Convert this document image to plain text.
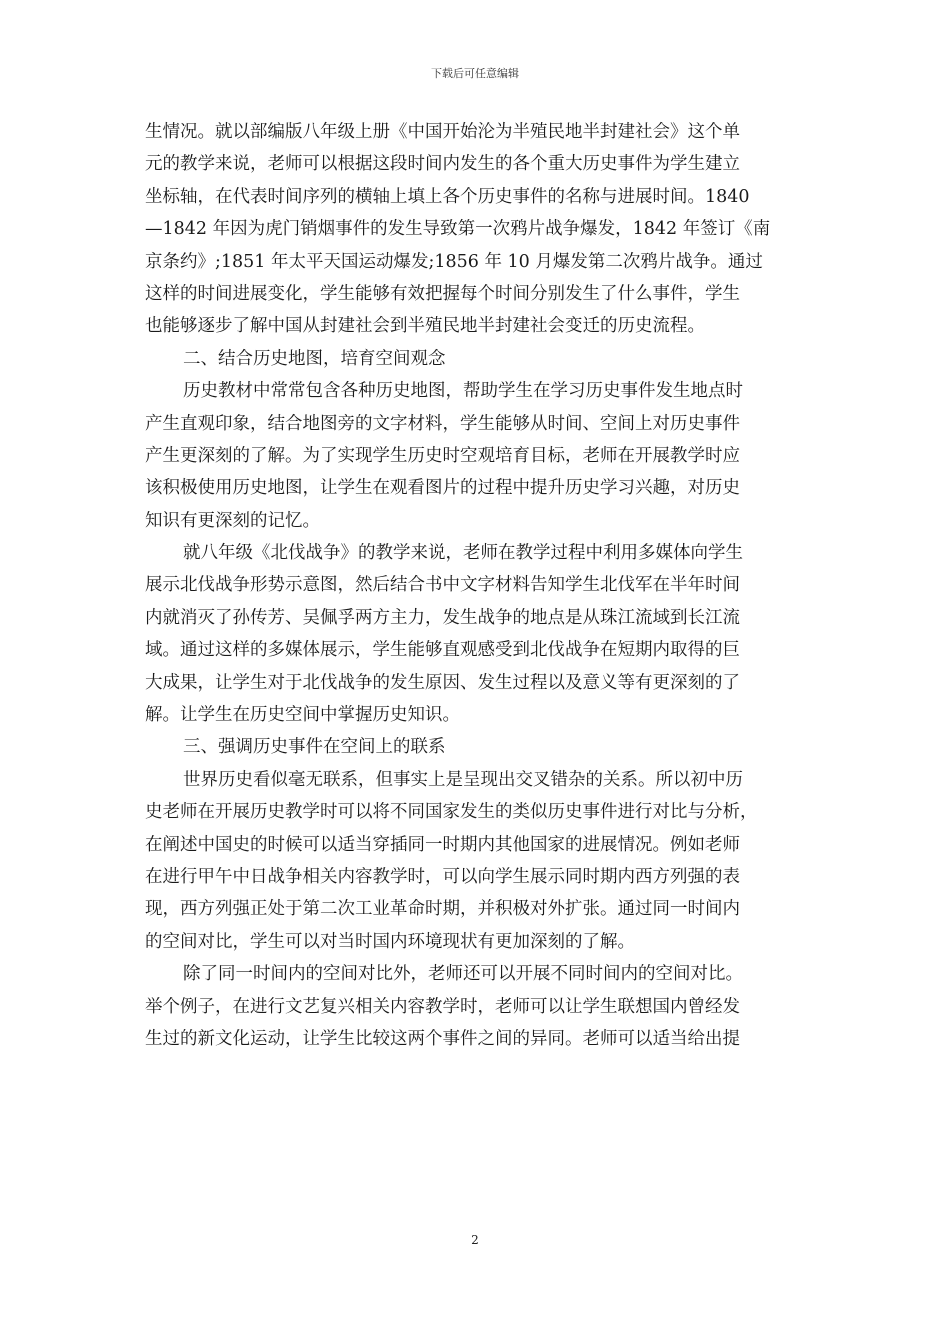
下载后可任意编辑
生情况。就以部编版八年级上册《中国开始沦为半殖民地半封建社会》这个单
元的教学来说，老师可以根据这段时间内发生的各个重大历史事件为学生建立
坐标轴，在代表时间序列的横轴上填上各个历史事件的名称与进展时间。1840
—1842 年因为虎门销烟事件的发生导致第一次鸦片战争爆发，1842 年签订《南
京条约》;1851 年太平天国运动爆发;1856 年 10 月爆发第二次鸦片战争。通过
这样的时间进展变化，学生能够有效把握每个时间分别发生了什么事件，学生
也能够逐步了解中国从封建社会到半殖民地半封建社会变迁的历史流程。
二、结合历史地图，培育空间观念
历史教材中常常包含各种历史地图，帮助学生在学习历史事件发生地点时
产生直观印象，结合地图旁的文字材料，学生能够从时间、空间上对历史事件
产生更深刻的了解。为了实现学生历史时空观培育目标，老师在开展教学时应
该积极使用历史地图，让学生在观看图片的过程中提升历史学习兴趣，对历史
知识有更深刻的记忆。
就八年级《北伐战争》的教学来说，老师在教学过程中利用多媒体向学生
展示北伐战争形势示意图，然后结合书中文字材料告知学生北伐军在半年时间
内就消灭了孙传芳、吴佩孚两方主力，发生战争的地点是从珠江流域到长江流
域。通过这样的多媒体展示，学生能够直观感受到北伐战争在短期内取得的巨
大成果，让学生对于北伐战争的发生原因、发生过程以及意义等有更深刻的了
解。让学生在历史空间中掌握历史知识。
三、强调历史事件在空间上的联系
世界历史看似毫无联系，但事实上是呈现出交叉错杂的关系。所以初中历
史老师在开展历史教学时可以将不同国家发生的类似历史事件进行对比与分析，
在阐述中国史的时候可以适当穿插同一时期内其他国家的进展情况。例如老师
在进行甲午中日战争相关内容教学时，可以向学生展示同时期内西方列强的表
现，西方列强正处于第二次工业革命时期，并积极对外扩张。通过同一时间内
的空间对比，学生可以对当时国内环境现状有更加深刻的了解。
除了同一时间内的空间对比外，老师还可以开展不同时间内的空间对比。
举个例子，在进行文艺复兴相关内容教学时，老师可以让学生联想国内曾经发
生过的新文化运动，让学生比较这两个事件之间的异同。老师可以适当给出提
2
